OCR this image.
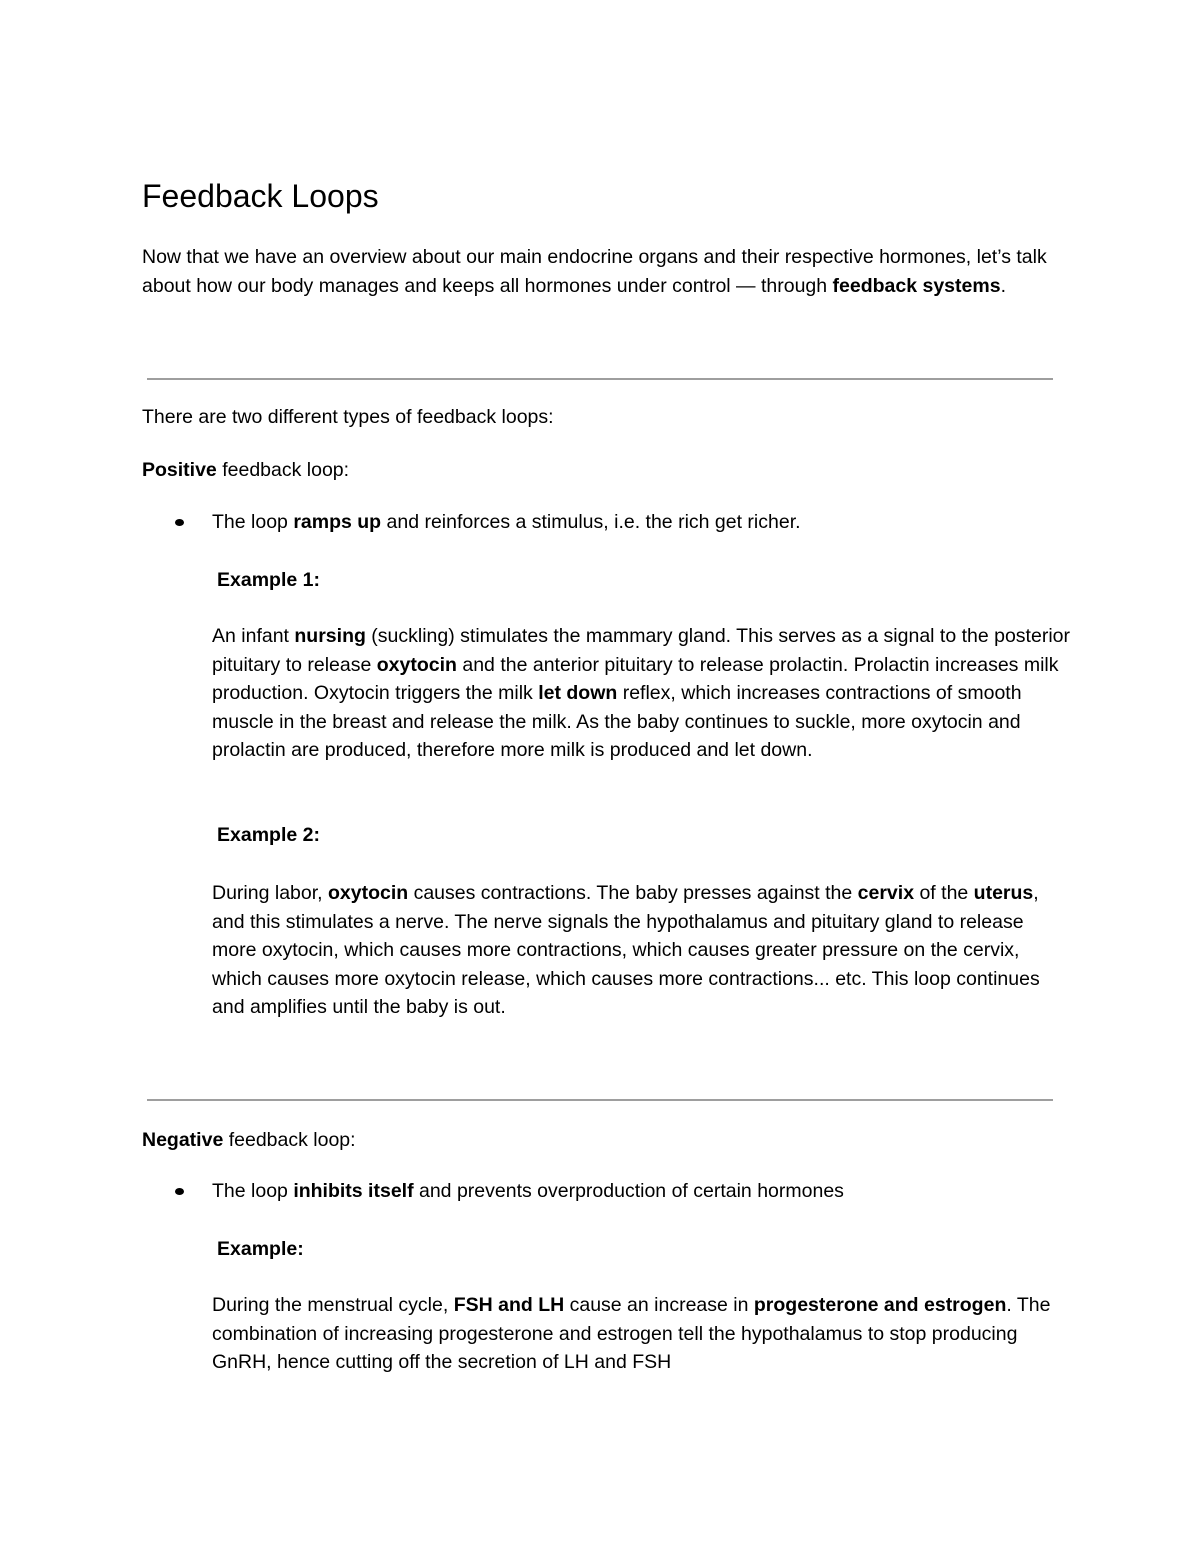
Feedback Loops

Now that we have an overview about our main endocrine organs and their respective hormones, let’s talk about how our body manages and keeps all hormones under control — through feedback systems.

There are two different types of feedback loops:

Positive feedback loop:

The loop ramps up and reinforces a stimulus, i.e. the rich get richer.

Example 1:

An infant nursing (suckling) stimulates the mammary gland. This serves as a signal to the posterior pituitary to release oxytocin and the anterior pituitary to release prolactin. Prolactin increases milk production. Oxytocin triggers the milk let down reflex, which increases contractions of smooth muscle in the breast and release the milk. As the baby continues to suckle, more oxytocin and prolactin are produced, therefore more milk is produced and let down.

Example 2:

During labor, oxytocin causes contractions. The baby presses against the cervix of the uterus, and this stimulates a nerve. The nerve signals the hypothalamus and pituitary gland to release more oxytocin, which causes more contractions, which causes greater pressure on the cervix, which causes more oxytocin release, which causes more contractions... etc. This loop continues and amplifies until the baby is out.

Negative feedback loop:

The loop inhibits itself and prevents overproduction of certain hormones

Example:

During the menstrual cycle, FSH and LH cause an increase in progesterone and estrogen. The combination of increasing progesterone and estrogen tell the hypothalamus to stop producing GnRH, hence cutting off the secretion of LH and FSH
